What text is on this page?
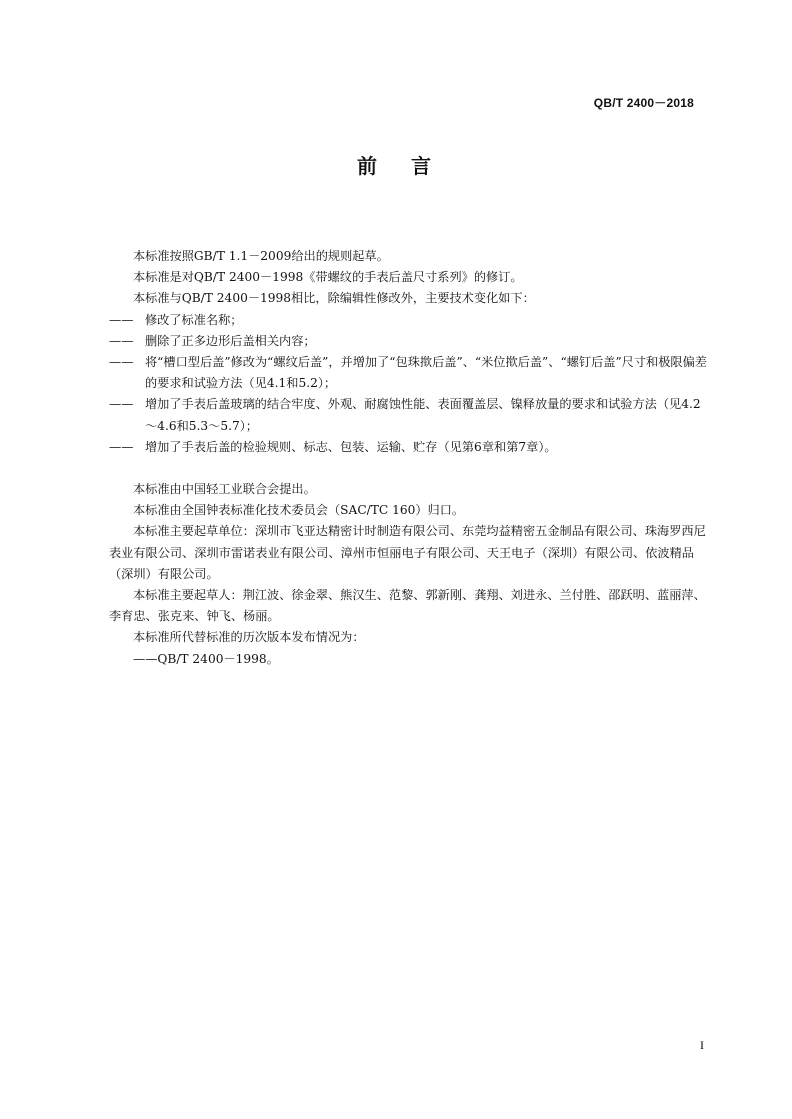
QB/T 2400－2018
前言

本标准按照GB/T 1.1－2009给出的规则起草。

本标准是对QB/T 2400－1998《带螺纹的手表后盖尺寸系列》的修订。

本标准与QB/T 2400－1998相比，除编辑性修改外，主要技术变化如下：

—— 修改了标准名称；

—— 删除了正多边形后盖相关内容；

—— 将“槽口型后盖”修改为“螺纹后盖”，并增加了“包珠揿后盖”、“米位揿后盖”、“螺钉后盖”尺寸和极限偏差的要求和试验方法（见4.1和5.2）；

—— 增加了手表后盖玻璃的结合牢度、外观、耐腐蚀性能、表面覆盖层、镍释放量的要求和试验方法（见4.2～4.6和5.3～5.7）；

—— 增加了手表后盖的检验规则、标志、包装、运输、贮存（见第6章和第7章）。

本标准由中国轻工业联合会提出。

本标准由全国钟表标准化技术委员会（SAC/TC 160）归口。

本标准主要起草单位：深圳市飞亚达精密计时制造有限公司、东莞均益精密五金制品有限公司、珠海罗西尼表业有限公司、深圳市雷诺表业有限公司、漳州市恒丽电子有限公司、天王电子（深圳）有限公司、依波精品（深圳）有限公司。

本标准主要起草人：荆江波、徐金翠、熊汉生、范黎、郭新刚、龚翔、刘进永、兰付胜、邵跃明、蓝丽萍、李育忠、张克来、钟飞、杨丽。

本标准所代替标准的历次版本发布情况为：

——QB/T 2400－1998。

I
